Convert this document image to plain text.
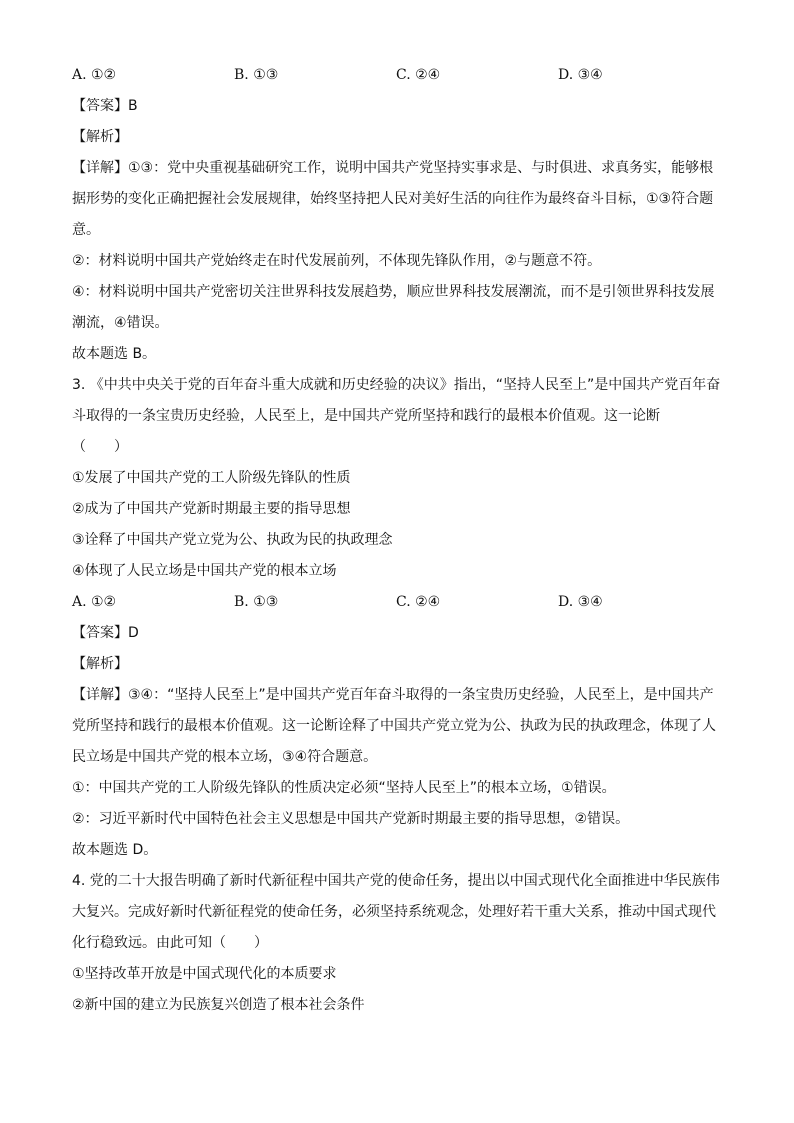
A. ①②	B. ①③	C. ②④	D. ③④
【答案】B
【解析】
【详解】①③：党中央重视基础研究工作，说明中国共产党坚持实事求是、与时俱进、求真务实，能够根据形势的变化正确把握社会发展规律，始终坚持把人民对美好生活的向往作为最终奋斗目标，①③符合题意。
②：材料说明中国共产党始终走在时代发展前列，不体现先锋队作用，②与题意不符。
④：材料说明中国共产党密切关注世界科技发展趋势，顺应世界科技发展潮流，而不是引领世界科技发展潮流，④错误。
故本题选 B。
3. 《中共中央关于党的百年奋斗重大成就和历史经验的决议》指出，“坚持人民至上”是中国共产党百年奋斗取得的一条宝贵历史经验，人民至上，是中国共产党所坚持和践行的最根本价值观。这一论断
（　　）
①发展了中国共产党的工人阶级先锋队的性质
②成为了中国共产党新时期最主要的指导思想
③诠释了中国共产党立党为公、执政为民的执政理念
④体现了人民立场是中国共产党的根本立场
A. ①②	B. ①③	C. ②④	D. ③④
【答案】D
【解析】
【详解】③④：“坚持人民至上”是中国共产党百年奋斗取得的一条宝贵历史经验，人民至上，是中国共产党所坚持和践行的最根本价值观。这一论断诠释了中国共产党立党为公、执政为民的执政理念，体现了人民立场是中国共产党的根本立场，③④符合题意。
①：中国共产党的工人阶级先锋队的性质决定必须“坚持人民至上”的根本立场，①错误。
②：习近平新时代中国特色社会主义思想是中国共产党新时期最主要的指导思想，②错误。
故本题选 D。
4. 党的二十大报告明确了新时代新征程中国共产党的使命任务，提出以中国式现代化全面推进中华民族伟大复兴。完成好新时代新征程党的使命任务，必须坚持系统观念，处理好若干重大关系，推动中国式现代化行稳致远。由此可知（　　）
①坚持改革开放是中国式现代化的本质要求
②新中国的建立为民族复兴创造了根本社会条件
